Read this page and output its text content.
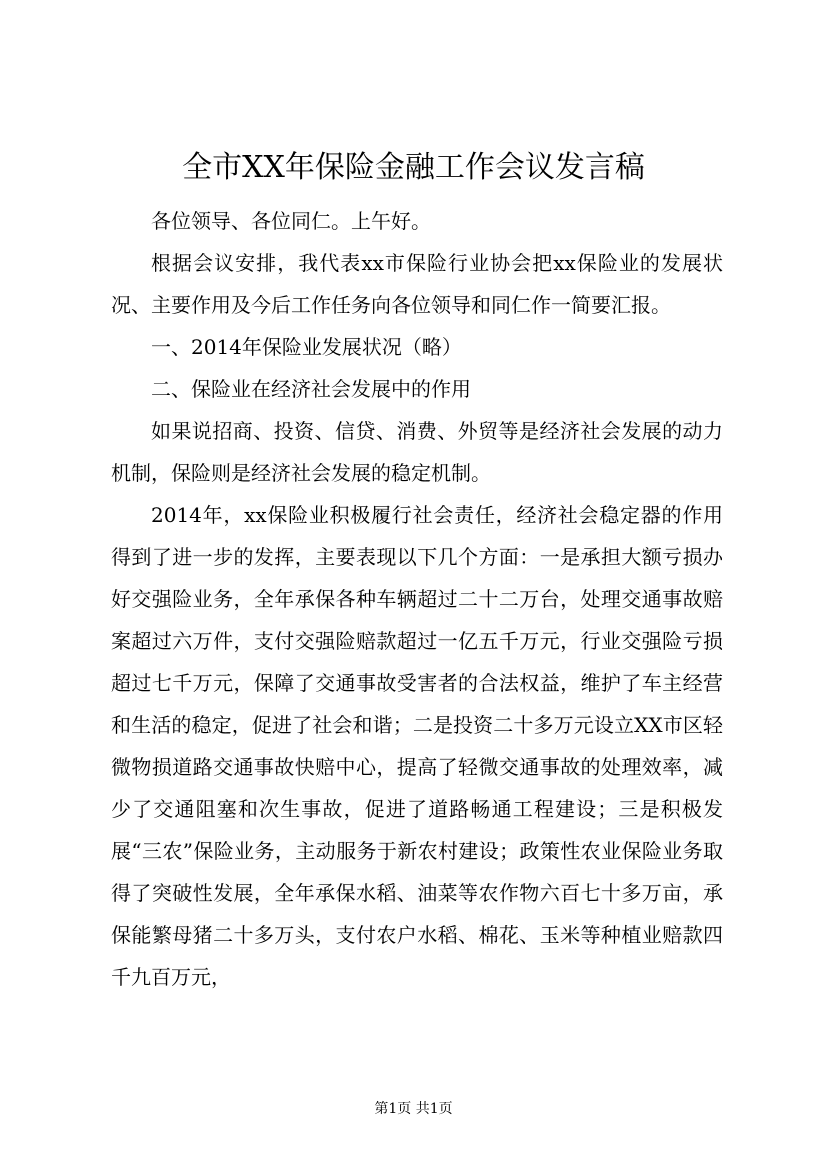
全市XX年保险金融工作会议发言稿

各位领导、各位同仁。上午好。

根据会议安排，我代表xx市保险行业协会把xx保险业的发展状况、主要作用及今后工作任务向各位领导和同仁作一简要汇报。

一、2014年保险业发展状况（略）

二、保险业在经济社会发展中的作用

如果说招商、投资、信贷、消费、外贸等是经济社会发展的动力机制，保险则是经济社会发展的稳定机制。

2014年，xx保险业积极履行社会责任，经济社会稳定器的作用得到了进一步的发挥，主要表现以下几个方面：一是承担大额亏损办好交强险业务，全年承保各种车辆超过二十二万台，处理交通事故赔案超过六万件，支付交强险赔款超过一亿五千万元，行业交强险亏损超过七千万元，保障了交通事故受害者的合法权益，维护了车主经营和生活的稳定，促进了社会和谐；二是投资二十多万元设立XX市区轻微物损道路交通事故快赔中心，提高了轻微交通事故的处理效率，减少了交通阻塞和次生事故，促进了道路畅通工程建设；三是积极发展“三农”保险业务，主动服务于新农村建设；政策性农业保险业务取得了突破性发展，全年承保水稻、油菜等农作物六百七十多万亩，承保能繁母猪二十多万头，支付农户水稻、棉花、玉米等种植业赔款四千九百万元，

第1页 共1页
